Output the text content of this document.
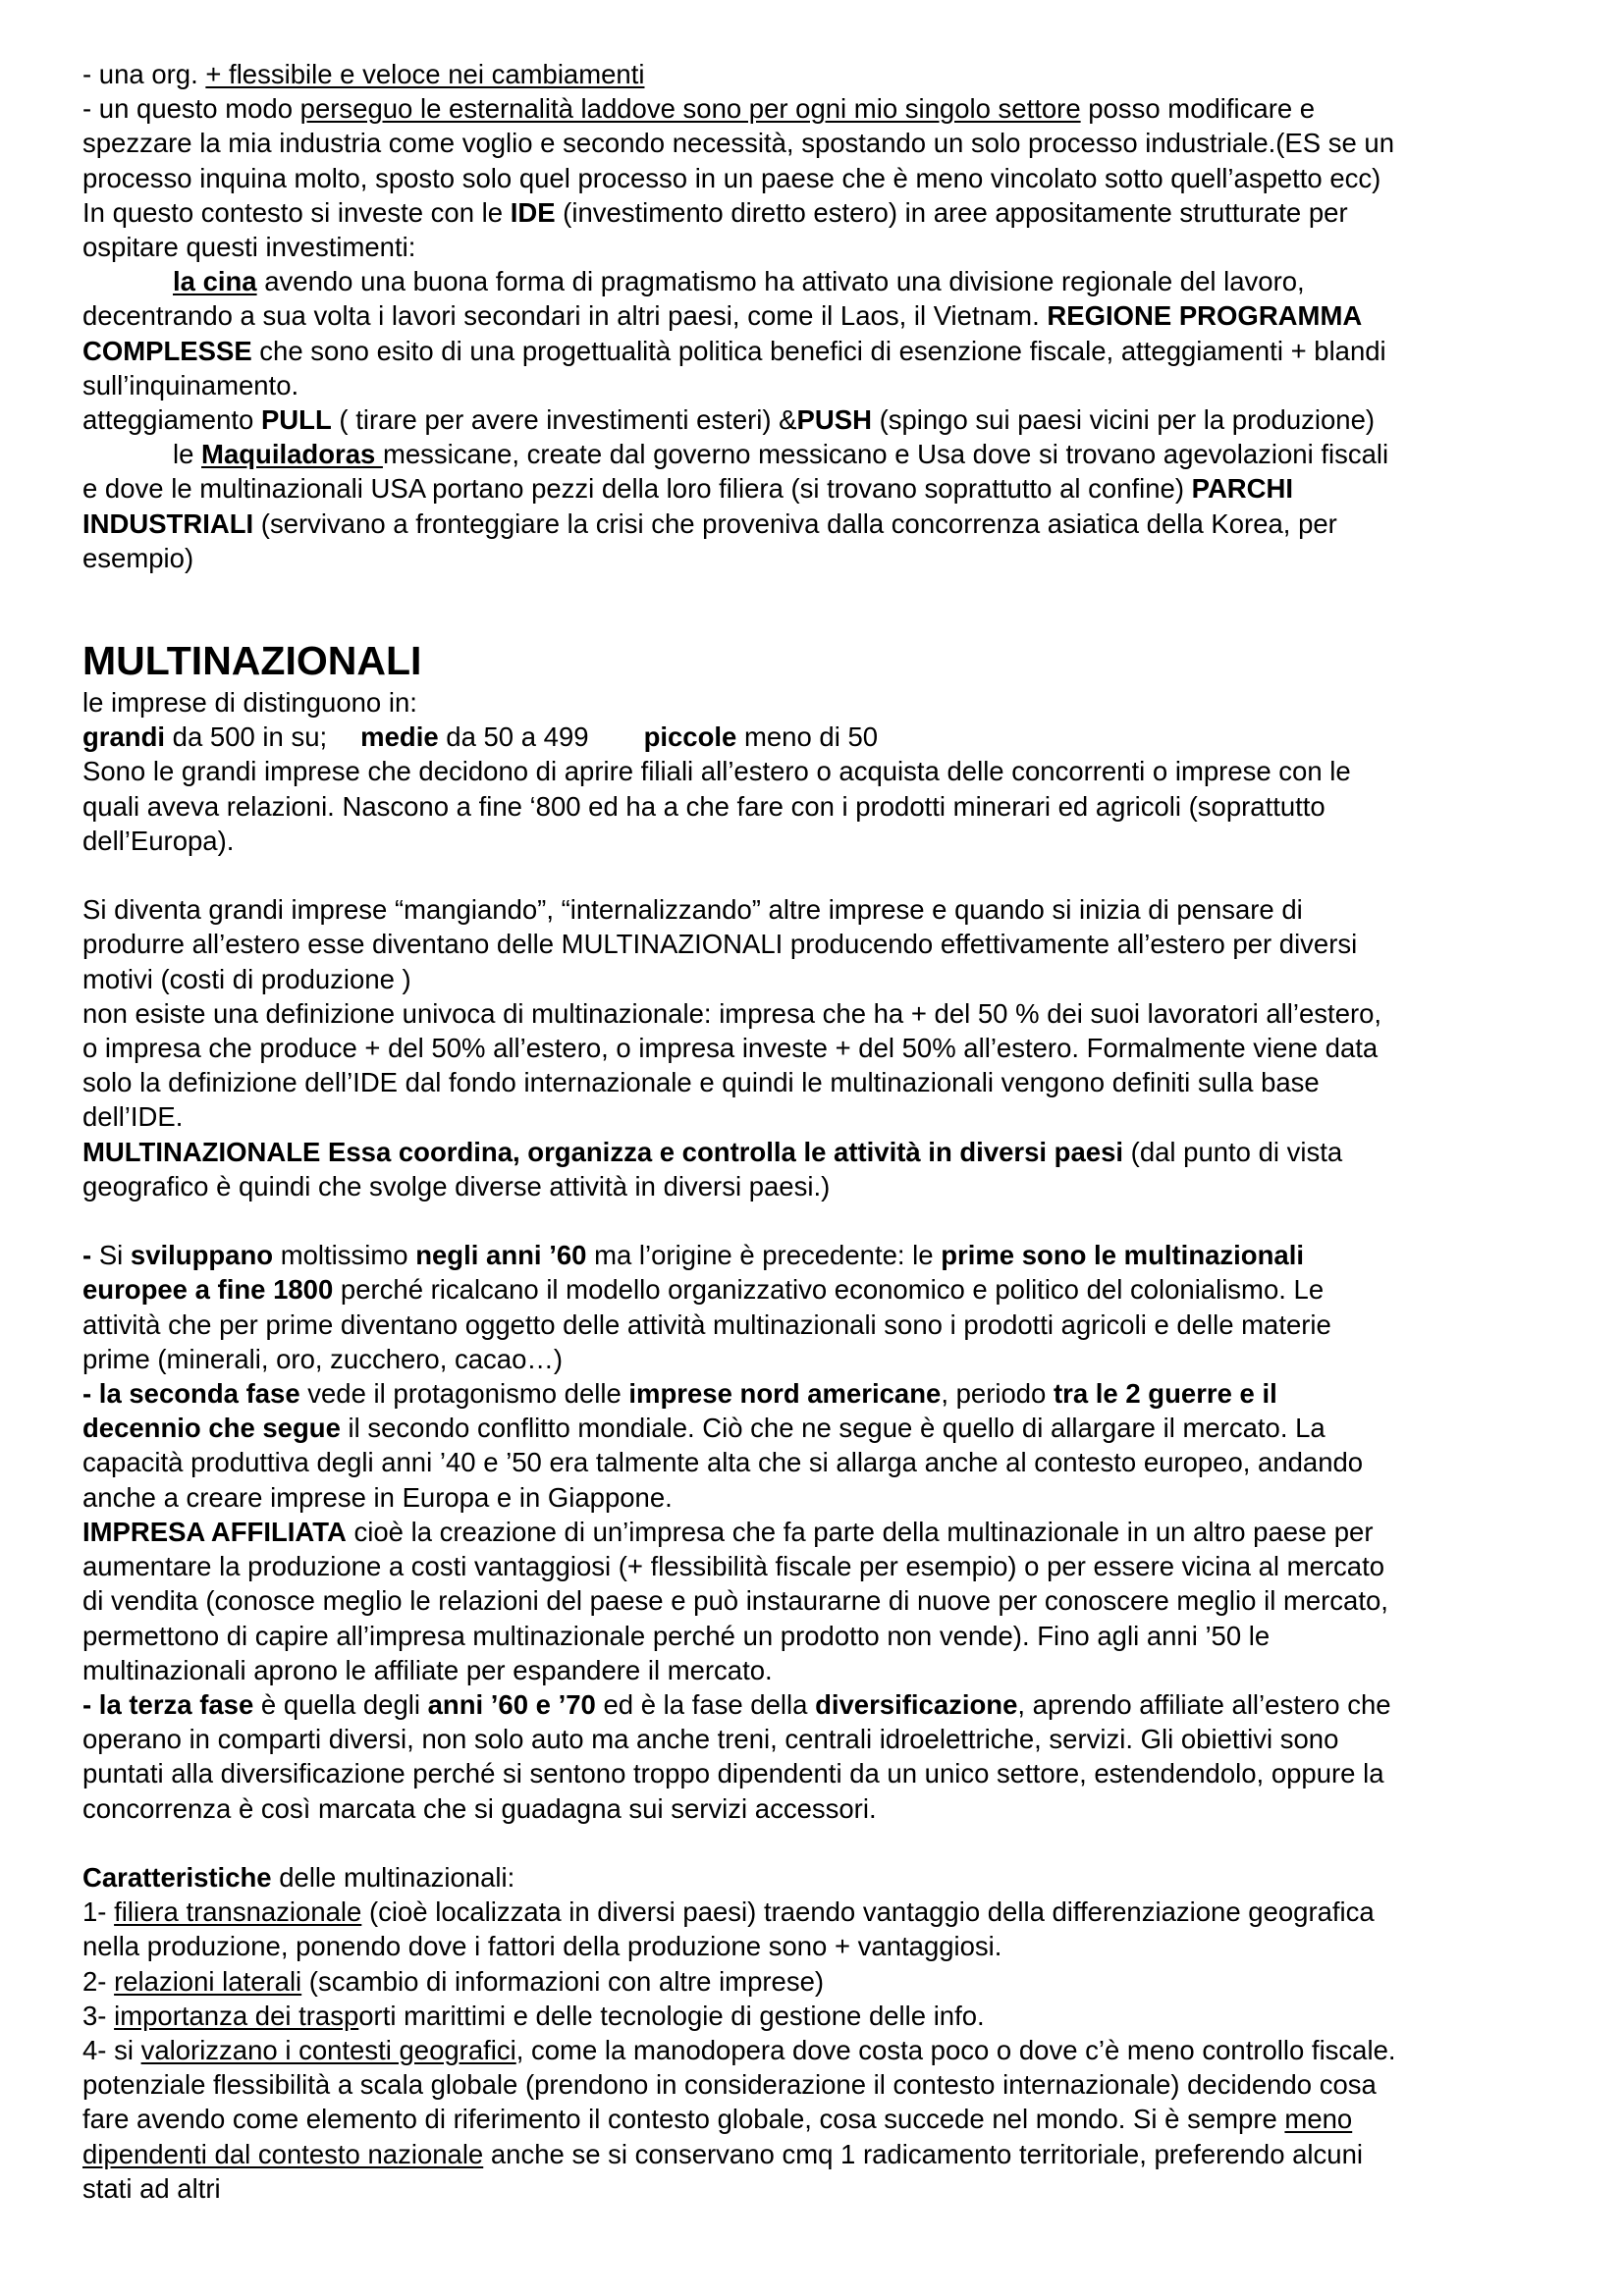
- una org. + flessibile e veloce nei cambiamenti

- un questo modo perseguo le esternalità laddove sono per ogni mio singolo settore posso modificare e

spezzare la mia industria come voglio e secondo necessità, spostando un solo processo industriale.(ES se un

processo inquina molto, sposto solo quel processo in un paese che è meno vincolato sotto quell’aspetto ecc)

In questo contesto si investe con le IDE (investimento diretto estero) in aree appositamente strutturate per

ospitare questi investimenti:

la cina avendo una buona forma di pragmatismo ha attivato una divisione regionale del lavoro,

decentrando a sua volta i lavori secondari in altri paesi, come il Laos, il Vietnam. REGIONE PROGRAMMA

COMPLESSE che sono esito di una progettualità politica benefici di esenzione fiscale, atteggiamenti + blandi

sull’inquinamento.

atteggiamento PULL ( tirare per avere investimenti esteri) &PUSH (spingo sui paesi vicini per la produzione)

le Maquiladoras messicane, create dal governo messicano e Usa dove si trovano agevolazioni fiscali

e dove le multinazionali USA portano pezzi della loro filiera (si trovano soprattutto al confine) PARCHI

INDUSTRIALI (servivano a fronteggiare la crisi che proveniva dalla concorrenza asiatica della Korea, per

esempio)

MULTINAZIONALI

le imprese di distinguono in:

grandi da 500 in su; medie da 50 a 499 piccole meno di 50

Sono le grandi imprese che decidono di aprire filiali all’estero o acquista delle concorrenti o imprese con le

quali aveva relazioni. Nascono a fine ‘800 ed ha a che fare con i prodotti minerari ed agricoli (soprattutto

dell’Europa).

Si diventa grandi imprese “mangiando”, “internalizzando” altre imprese e quando si inizia di pensare di

produrre all’estero esse diventano delle MULTINAZIONALI producendo effettivamente all’estero per diversi

motivi (costi di produzione )

non esiste una definizione univoca di multinazionale: impresa che ha + del 50 % dei suoi lavoratori all’estero,

o impresa che produce + del 50% all’estero, o impresa investe + del 50% all’estero. Formalmente viene data

solo la definizione dell’IDE dal fondo internazionale e quindi le multinazionali vengono definiti sulla base

dell’IDE.

MULTINAZIONALE Essa coordina, organizza e controlla le attività in diversi paesi (dal punto di vista

geografico è quindi che svolge diverse attività in diversi paesi.)

- Si sviluppano moltissimo negli anni ’60 ma l’origine è precedente: le prime sono le multinazionali

europee a fine 1800 perché ricalcano il modello organizzativo economico e politico del colonialismo. Le

attività che per prime diventano oggetto delle attività multinazionali sono i prodotti agricoli e delle materie

prime (minerali, oro, zucchero, cacao…)

- la seconda fase vede il protagonismo delle imprese nord americane, periodo tra le 2 guerre e il

decennio che segue il secondo conflitto mondiale. Ciò che ne segue è quello di allargare il mercato. La

capacità produttiva degli anni ’40 e ’50 era talmente alta che si allarga anche al contesto europeo, andando

anche a creare imprese in Europa e in Giappone.

IMPRESA AFFILIATA cioè la creazione di un’impresa che fa parte della multinazionale in un altro paese per

aumentare la produzione a costi vantaggiosi (+ flessibilità fiscale per esempio) o per essere vicina al mercato

di vendita (conosce meglio le relazioni del paese e può instaurarne di nuove per conoscere meglio il mercato,

permettono di capire all’impresa multinazionale perché un prodotto non vende). Fino agli anni ’50 le

multinazionali aprono le affiliate per espandere il mercato.

- la terza fase è quella degli anni ’60 e ’70 ed è la fase della diversificazione, aprendo affiliate all’estero che

operano in comparti diversi, non solo auto ma anche treni, centrali idroelettriche, servizi. Gli obiettivi sono

puntati alla diversificazione perché si sentono troppo dipendenti da un unico settore, estendendolo, oppure la

concorrenza è così marcata che si guadagna sui servizi accessori.

Caratteristiche delle multinazionali:

1- filiera transnazionale (cioè localizzata in diversi paesi) traendo vantaggio della differenziazione geografica

nella produzione, ponendo dove i fattori della produzione sono + vantaggiosi.

2- relazioni laterali (scambio di informazioni con altre imprese)

3- importanza dei trasporti marittimi e delle tecnologie di gestione delle info.

4- si valorizzano i contesti geografici, come la manodopera dove costa poco o dove c’è meno controllo fiscale.

potenziale flessibilità a scala globale (prendono in considerazione il contesto internazionale) decidendo cosa

fare avendo come elemento di riferimento il contesto globale, cosa succede nel mondo. Si è sempre meno

dipendenti dal contesto nazionale anche se si conservano cmq 1 radicamento territoriale, preferendo alcuni

stati ad altri
